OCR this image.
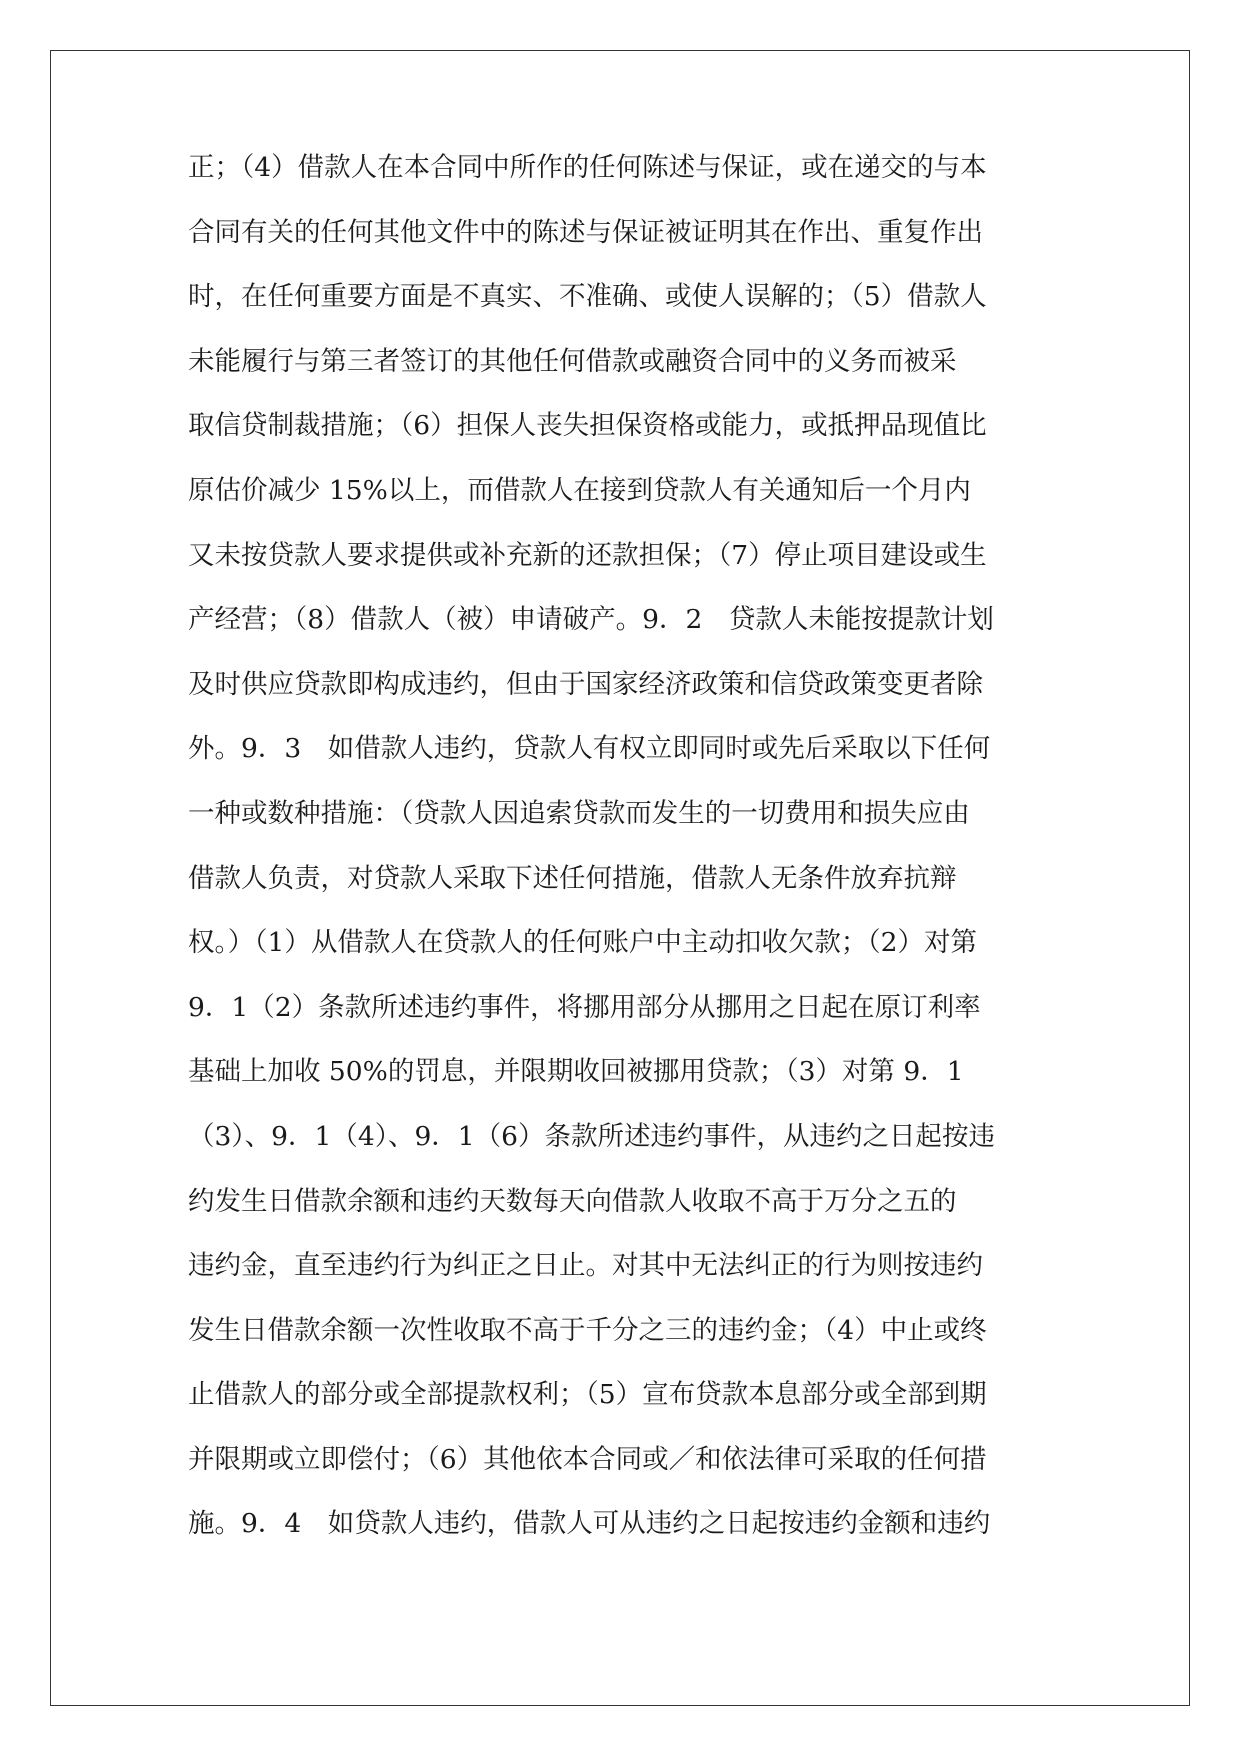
正；（4）借款人在本合同中所作的任何陈述与保证，或在递交的与本
合同有关的任何其他文件中的陈述与保证被证明其在作出、重复作出
时，在任何重要方面是不真实、不准确、或使人误解的；（5）借款人
未能履行与第三者签订的其他任何借款或融资合同中的义务而被采
取信贷制裁措施；（6）担保人丧失担保资格或能力，或抵押品现值比
原估价减少 15%以上，而借款人在接到贷款人有关通知后一个月内
又未按贷款人要求提供或补充新的还款担保；（7）停止项目建设或生
产经营；（8）借款人（被）申请破产。9．2　贷款人未能按提款计划
及时供应贷款即构成违约，但由于国家经济政策和信贷政策变更者除
外。9．3　如借款人违约，贷款人有权立即同时或先后采取以下任何
一种或数种措施：（贷款人因追索贷款而发生的一切费用和损失应由
借款人负责，对贷款人采取下述任何措施，借款人无条件放弃抗辩
权。）（1）从借款人在贷款人的任何账户中主动扣收欠款；（2）对第
9．1（2）条款所述违约事件，将挪用部分从挪用之日起在原订利率
基础上加收 50%的罚息，并限期收回被挪用贷款；（3）对第 9．1
（3）、9．1（4）、9．1（6）条款所述违约事件，从违约之日起按违
约发生日借款余额和违约天数每天向借款人收取不高于万分之五的
违约金，直至违约行为纠正之日止。对其中无法纠正的行为则按违约
发生日借款余额一次性收取不高于千分之三的违约金；（4）中止或终
止借款人的部分或全部提款权利；（5）宣布贷款本息部分或全部到期
并限期或立即偿付；（6）其他依本合同或／和依法律可采取的任何措
施。9．4　如贷款人违约，借款人可从违约之日起按违约金额和违约
